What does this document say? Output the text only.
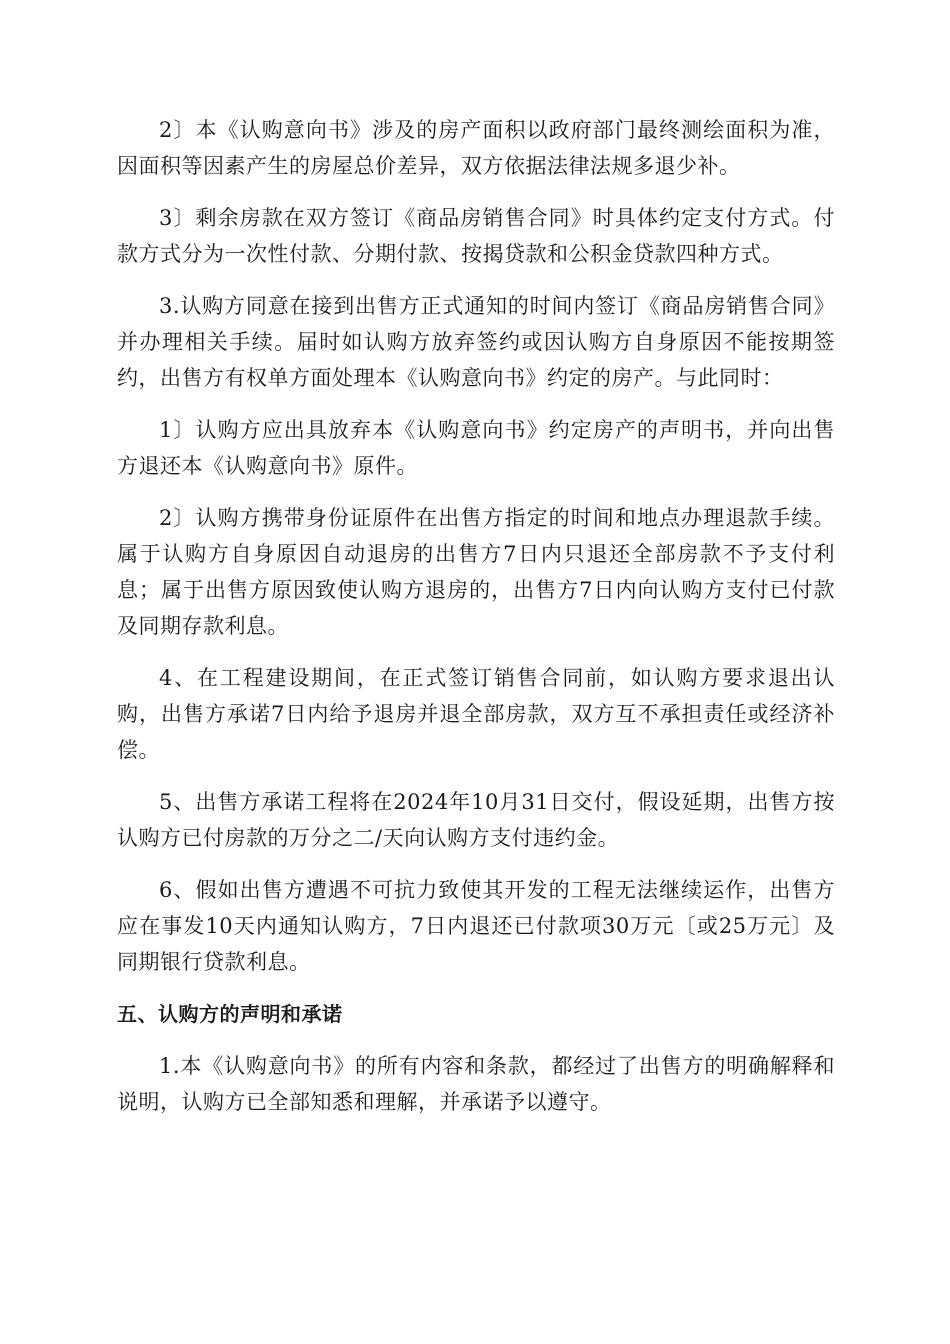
2〕本《认购意向书》涉及的房产面积以政府部门最终测绘面积为准，因面积等因素产生的房屋总价差异，双方依据法律法规多退少补。

3〕剩余房款在双方签订《商品房销售合同》时具体约定支付方式。付款方式分为一次性付款、分期付款、按揭贷款和公积金贷款四种方式。

3.认购方同意在接到出售方正式通知的时间内签订《商品房销售合同》并办理相关手续。届时如认购方放弃签约或因认购方自身原因不能按期签约，出售方有权单方面处理本《认购意向书》约定的房产。与此同时：

1〕认购方应出具放弃本《认购意向书》约定房产的声明书，并向出售方退还本《认购意向书》原件。

2〕认购方携带身份证原件在出售方指定的时间和地点办理退款手续。属于认购方自身原因自动退房的出售方7日内只退还全部房款不予支付利息；属于出售方原因致使认购方退房的，出售方7日内向认购方支付已付款及同期存款利息。

4、在工程建设期间，在正式签订销售合同前，如认购方要求退出认购，出售方承诺7日内给予退房并退全部房款，双方互不承担责任或经济补偿。

5、出售方承诺工程将在2024年10月31日交付，假设延期，出售方按认购方已付房款的万分之二/天向认购方支付违约金。

6、假如出售方遭遇不可抗力致使其开发的工程无法继续运作，出售方应在事发10天内通知认购方，7日内退还已付款项30万元〔或25万元〕及同期银行贷款利息。

五、认购方的声明和承诺

1.本《认购意向书》的所有内容和条款，都经过了出售方的明确解释和说明，认购方已全部知悉和理解，并承诺予以遵守。
